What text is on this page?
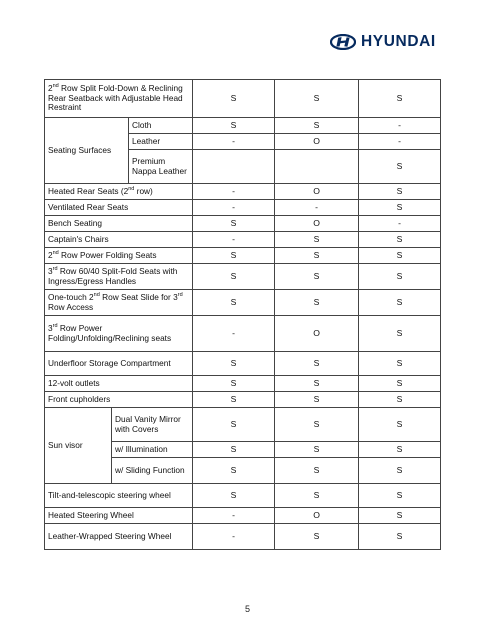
HYUNDAI
2nd Row Split Fold-Down & Reclining Rear Seatback with Adjustable Head Restraint			S	S	S
Seating Surfaces		Cloth	S	S	-
		Leather	-	O	-
		Premium Nappa Leather			S
Heated Rear Seats (2nd row)			-	O	S
Ventilated Rear Seats			-	-	S
Bench Seating			S	O	-
Captain's Chairs			-	S	S
2nd Row Power Folding Seats			S	S	S
3rd Row 60/40 Split-Fold Seats with Ingress/Egress Handles			S	S	S
One-touch 2nd Row Seat Slide for 3rd Row Access			S	S	S
3rd Row Power Folding/Unfolding/Reclining seats			-	O	S
Underfloor Storage Compartment			S	S	S
12-volt outlets			S	S	S
Front cupholders			S	S	S
Sun visor	Dual Vanity Mirror with Covers		S	S	S
	w/ Illumination		S	S	S
	w/ Sliding Function		S	S	S
Tilt-and-telescopic steering wheel			S	S	S
Heated Steering Wheel			-	O	S
Leather-Wrapped Steering Wheel			-	S	S
5
